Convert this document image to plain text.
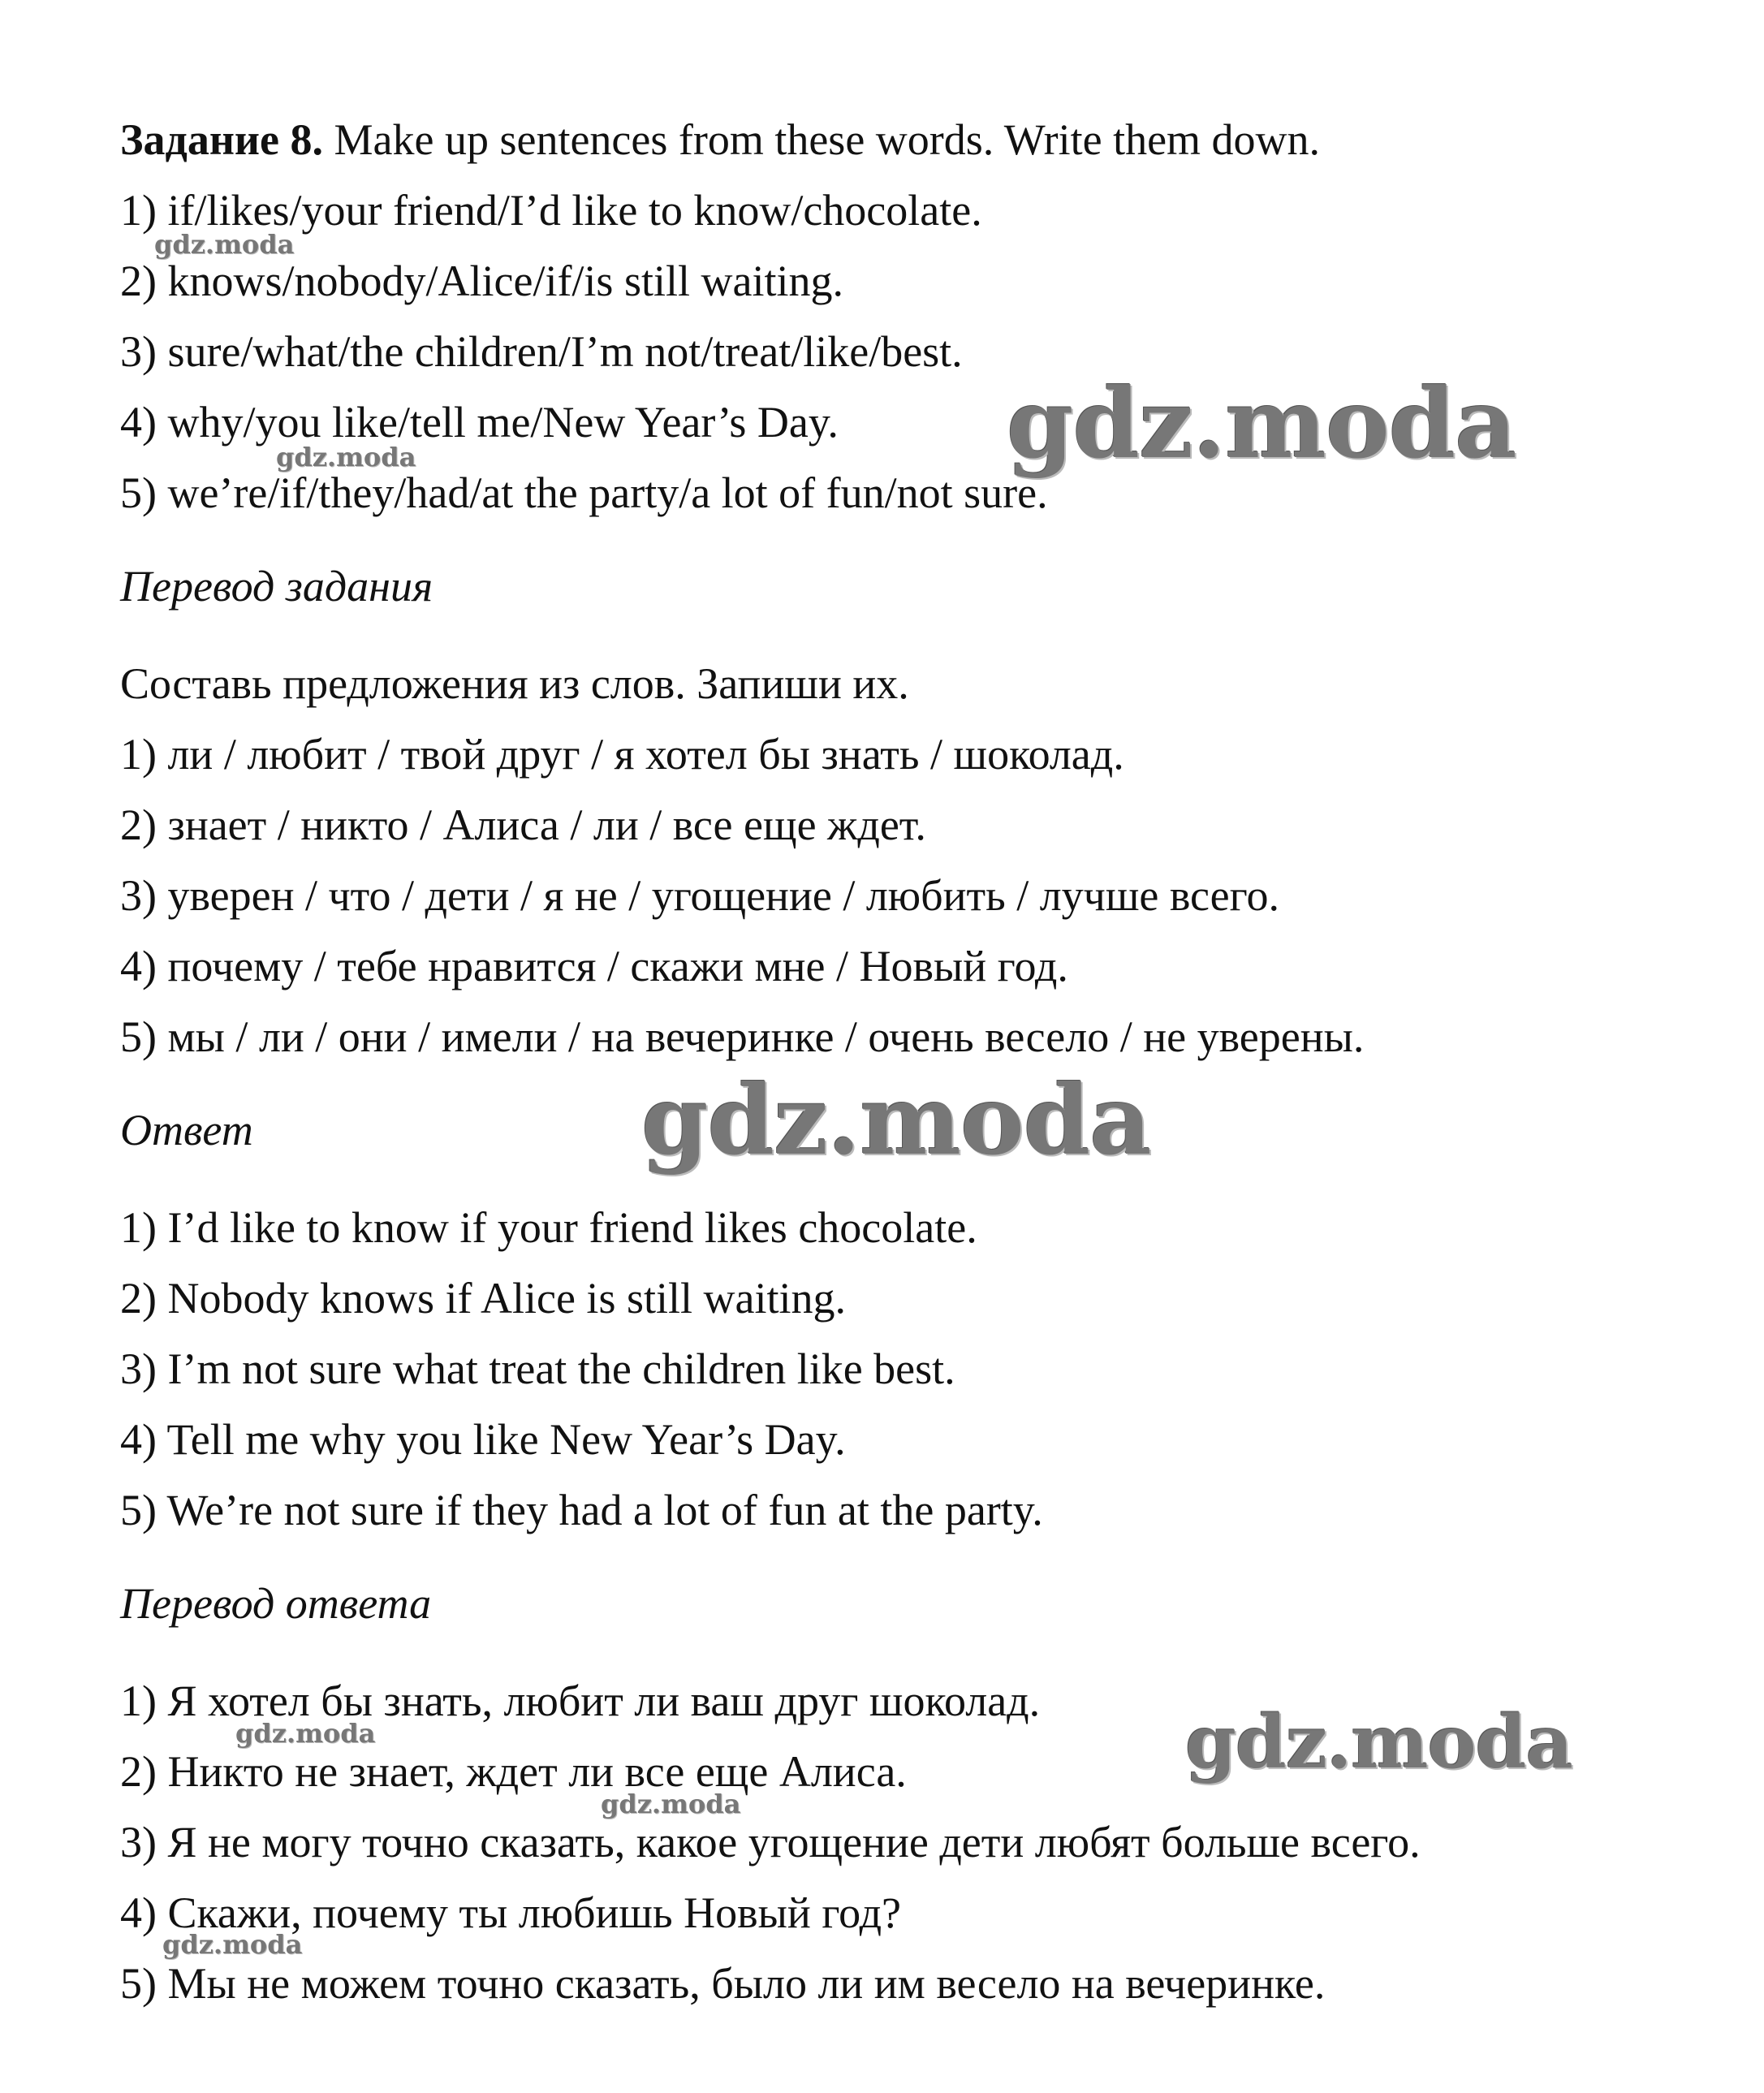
Задание 8. Make up sentences from these words. Write them down.
1) if/likes/your friend/I’d like to know/chocolate.
2) knows/nobody/Alice/if/is still waiting.
3) sure/what/the children/I’m not/treat/like/best.
4) why/you like/tell me/New Year’s Day.
5) we’re/if/they/had/at the party/a lot of fun/not sure.
Перевод задания
Составь предложения из слов. Запиши их.
1) ли / любит / твой друг / я хотел бы знать / шоколад.
2) знает / никто / Алиса / ли / все еще ждет.
3) уверен / что / дети / я не / угощение / любить / лучше всего.
4) почему / тебе нравится / скажи мне / Новый год.
5) мы / ли / они / имели / на вечеринке / очень весело / не уверены.
Ответ
1) I’d like to know if your friend likes chocolate.
2) Nobody knows if Alice is still waiting.
3) I’m not sure what treat the children like best.
4) Tell me why you like New Year’s Day.
5) We’re not sure if they had a lot of fun at the party.
Перевод ответа
1) Я хотел бы знать, любит ли ваш друг шоколад.
2) Никто не знает, ждет ли все еще Алиса.
3) Я не могу точно сказать, какое угощение дети любят больше всего.
4) Скажи, почему ты любишь Новый год?
5) Мы не можем точно сказать, было ли им весело на вечеринке.
gdz.moda
gdz.moda
gdz.moda
gdz.moda
gdz.moda	gdz.moda
gdz.moda
gdz.moda
